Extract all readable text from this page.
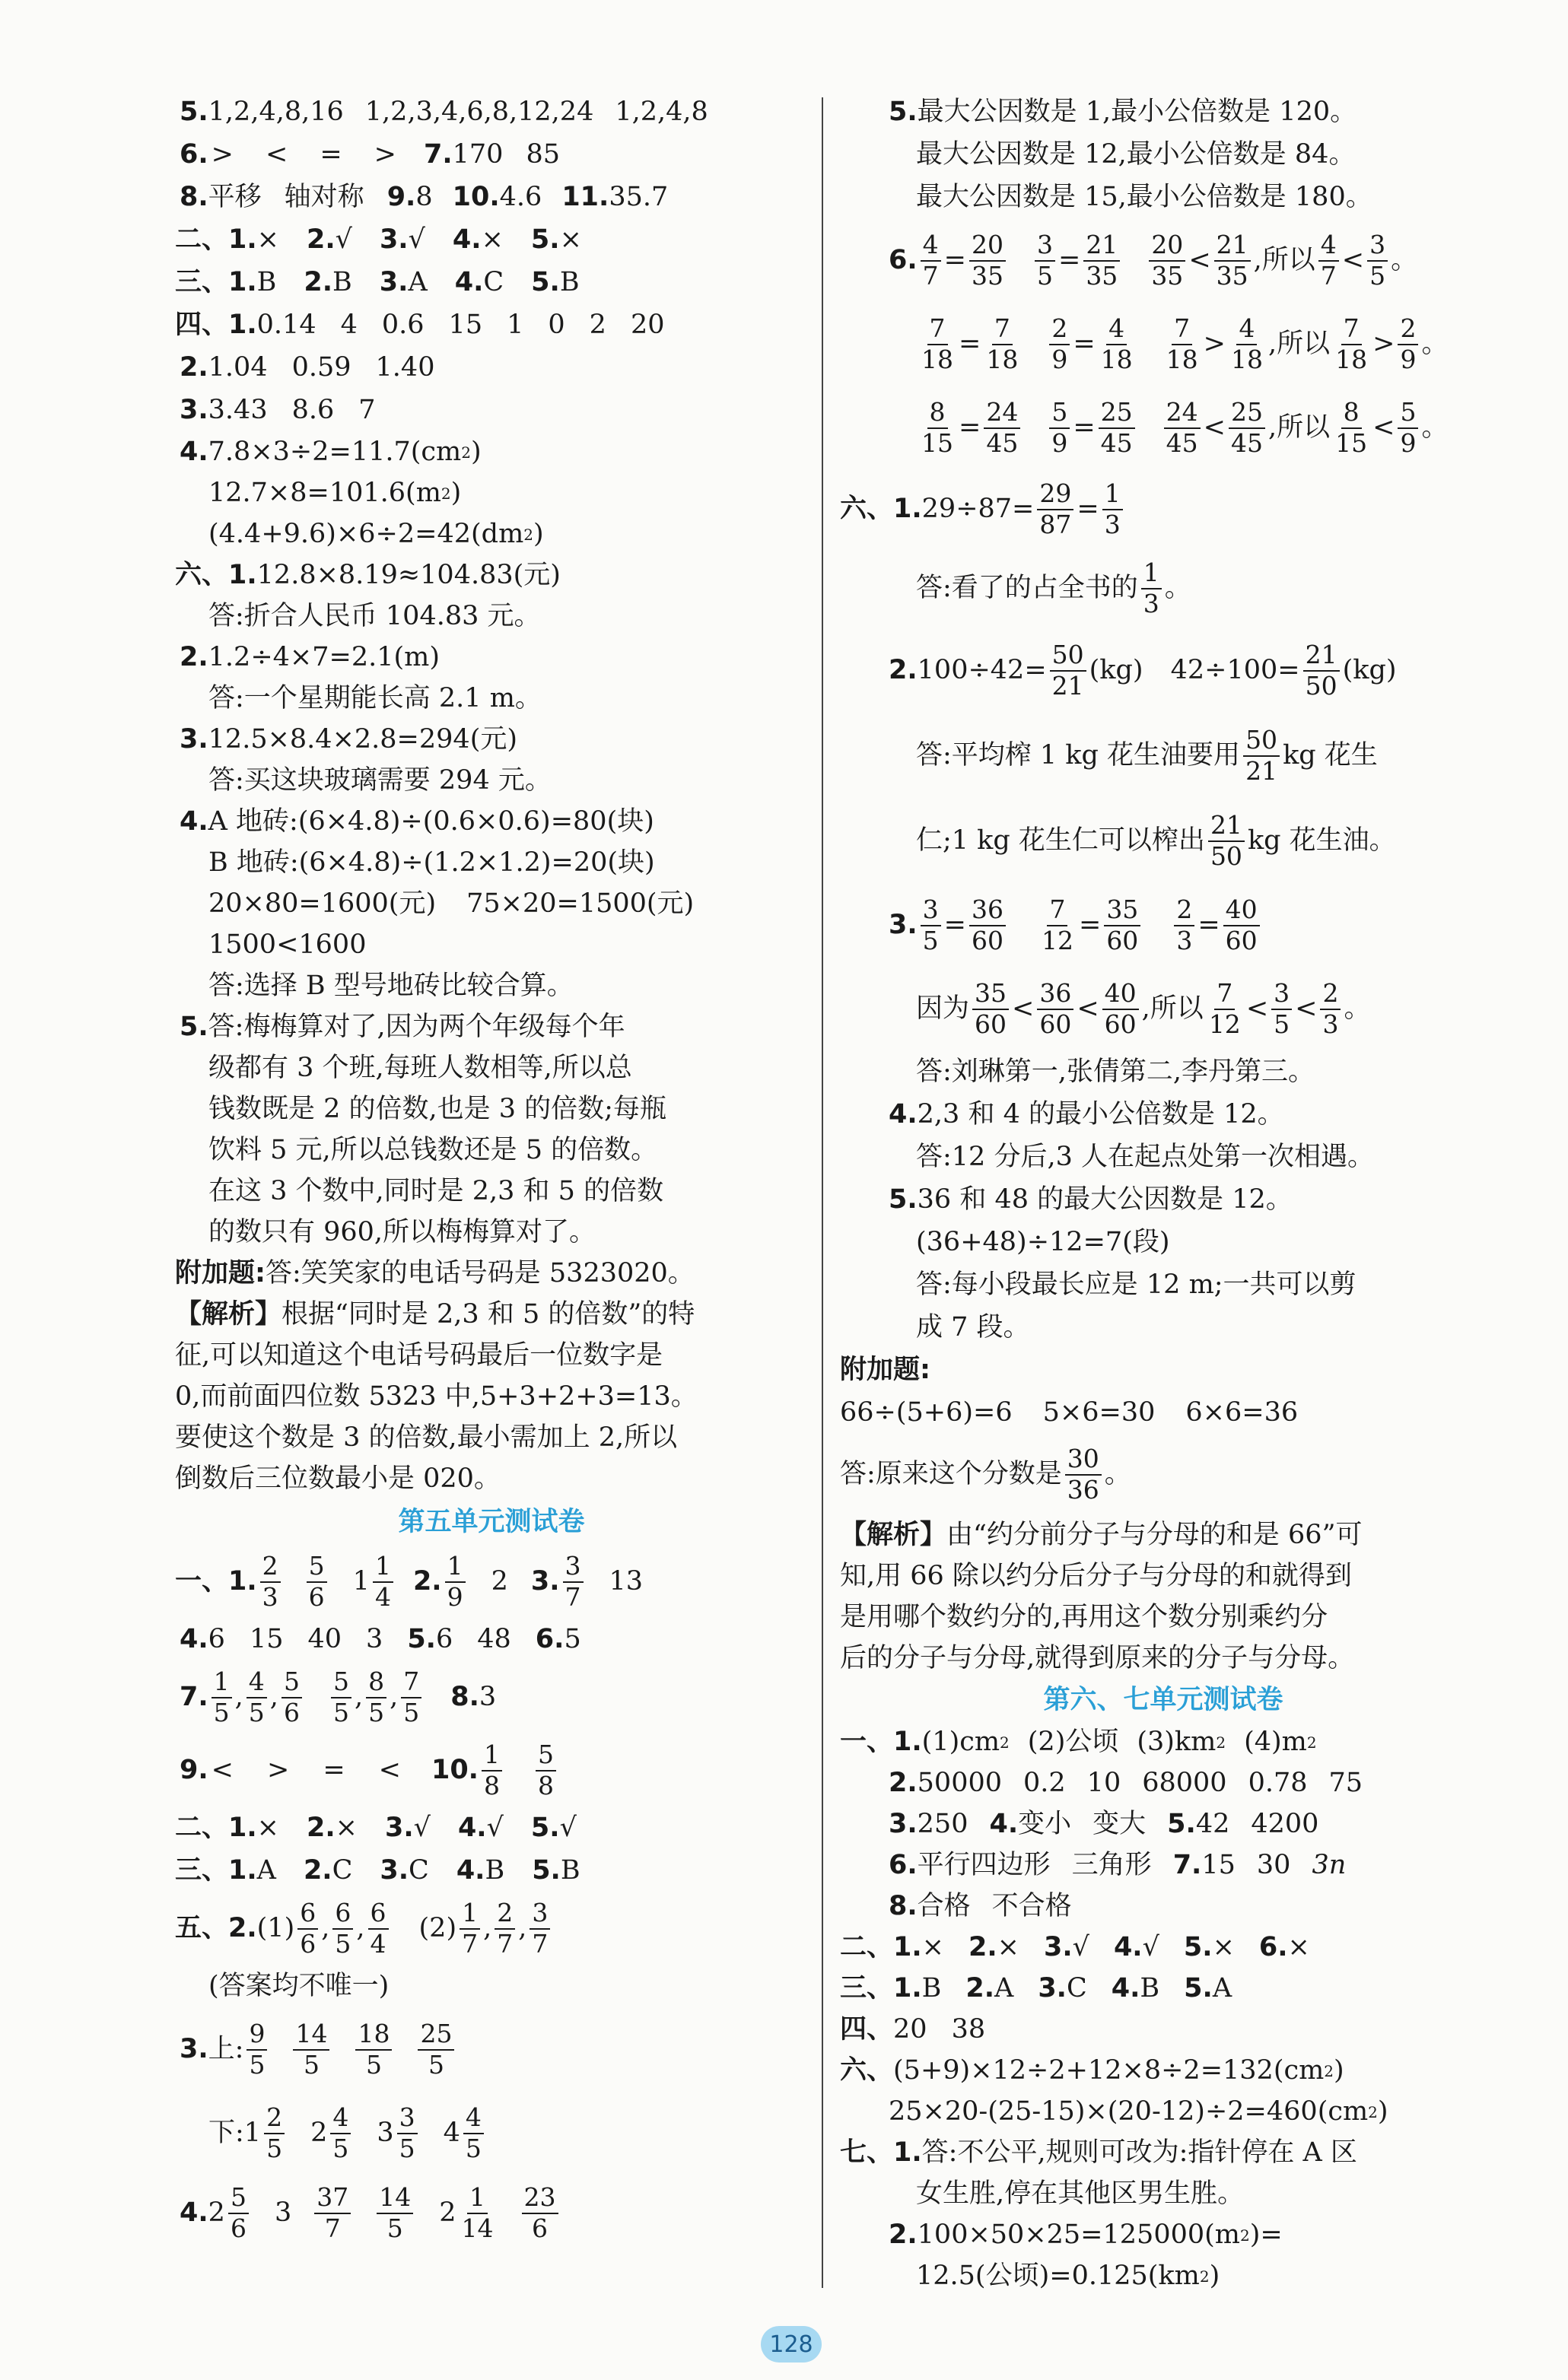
5. 1,2,4,8,16 1,2,3,4,6,8,12,24 1,2,4,8
6. > < = > 7. 170 85
8. 平移 轴对称 9. 8 10. 4.6 11. 35.7
二、1. × 2. √ 3. √ 4. × 5. ×
三、1. B 2. B 3. A 4. C 5. B
四、1. 0.14 4 0.6 15 1 0 2 20
2. 1.04 0.59 1.40
3. 3.43 8.6 7
4. 7.8×3÷2=11.7(cm 2 )
12.7×8=101.6(m 2 )
(4.4+9.6)×6÷2=42(dm 2 )
六、1. 12.8×8.19≈104.83(元)
答:折合人民币 104.83 元。
2. 1.2÷4×7=2.1(m)
答:一个星期能长高 2.1 m。
3. 12.5×8.4×2.8=294(元)
答:买这块玻璃需要 294 元。
4. A 地砖:(6×4.8)÷(0.6×0.6)=80(块)
B 地砖:(6×4.8)÷(1.2×1.2)=20(块)
20×80=1600(元) 75×20=1500(元)
1500<1600
答:选择 B 型号地砖比较合算。
5. 答:梅梅算对了,因为两个年级每个年
级都有 3 个班,每班人数相等,所以总
钱数既是 2 的倍数,也是 3 的倍数;每瓶
饮料 5 元,所以总钱数还是 5 的倍数。
在这 3 个数中,同时是 2,3 和 5 的倍数
的数只有 960,所以梅梅算对了。
附加题: 答:笑笑家的电话号码是 5323020。
【解析】 根据“同时是 2,3 和 5 的倍数”的特
征,可以知道这个电话号码最后一位数字是
0,而前面四位数 5323 中,5+3+2+3=13。
要使这个数是 3 的倍数,最小需加上 2,所以
倒数后三位数最小是 020。
第五单元测试卷
一、1. $\frac{2}{3} \frac{5}{6} 1 \frac{1}{4} 2$. $\frac{1}{9} 2$ 3. $\frac{3}{7} 13$
4. 6 15 40 3 5. 6 48 6. 5
7. $\frac{1}{5}$ , $\frac{4}{5}$ , $\frac{5}{6} \frac{5}{5}$ , $\frac{8}{5}$ , $\frac{7}{5} 8$. 3
9. < > = < 10. $\frac{1}{8} \frac{5}{8}$
二、1. × 2. × 3. √ 4. √ 5. √
三、1. A 2. C 3. C 4. B 5. B
五、2. $(1) \frac{6}{6}$ , $\frac{6}{5}$ , $\frac{6}{4} (2) \frac{1}{7}$ , $\frac{2}{7}$ , $\frac{3}{7}$
(答案均不唯一)
3. 上: $\frac{9}{5} \frac{14}{5} \frac{18}{5} \frac{25}{5}$
下: $1 \frac{2}{5} 2 \frac{4}{5} 3 \frac{3}{5} 4 \frac{4}{5}$
4. $2 \frac{5}{6} 3 \frac{37}{7} \frac{14}{5} 2 \frac{1}{14} \frac{23}{6}$
5. 最大公因数是 1,最小公倍数是 120。
最大公因数是 12,最小公倍数是 84。
最大公因数是 15,最小公倍数是 180。
6. $\frac{4}{7} = \frac{20}{35} \frac{3}{5} = \frac{21}{35} \frac{20}{35} < \frac{21}{35}$ ,所以 $\frac{4}{7} < \frac{3}{5}$ 。
$\frac{7}{18} = \frac{7}{18} \frac{2}{9} = \frac{4}{18} \frac{7}{18} > \frac{4}{18}$ ,所以 $\frac{7}{18} > \frac{2}{9}$ 。
$\frac{8}{15} = \frac{24}{45} \frac{5}{9} = \frac{25}{45} \frac{24}{45} < \frac{25}{45}$ ,所以 $\frac{8}{15} < \frac{5}{9}$ 。
六、1. $29\div 87= \frac{29}{87} = \frac{1}{3}$
答:看了的占全书的 $\frac{1}{3}$ 。
2. $100\div 42= \frac{50}{21} (kg)$ $42\div 100= \frac{21}{50} (kg)$
答:平均榨 1 kg 花生油要用 $\frac{50}{21}$ kg 花生
仁;1 kg 花生仁可以榨出 $\frac{21}{50}$ kg 花生油。
3. $\frac{3}{5} = \frac{36}{60} \frac{7}{12} = \frac{35}{60} \frac{2}{3} = \frac{40}{60}$
因为 $\frac{35}{60} < \frac{36}{60} < \frac{40}{60}$ ,所以 $\frac{7}{12} < \frac{3}{5} < \frac{2}{3}$ 。
答:刘琳第一,张倩第二,李丹第三。
4. 2,3 和 4 的最小公倍数是 12。
答:12 分后,3 人在起点处第一次相遇。
5. 36 和 48 的最大公因数是 12。
(36+48)÷12=7(段)
答:每小段最长应是 12 m;一共可以剪
成 7 段。
附加题:
66÷(5+6)=6 5×6=30 6×6=36
答:原来这个分数是 $\frac{30}{36}$ 。
【解析】 由“约分前分子与分母的和是 66”可
知,用 66 除以约分后分子与分母的和就得到
是用哪个数约分的,再用这个数分别乘约分
后的分子与分母,就得到原来的分子与分母。
第六、七单元测试卷
一、1. (1)cm 2 (2)公顷 (3)km 2 (4)m 2
2. 50000 0.2 10 68000 0.78 75
3. 250 4. 变小 变大 5. 42 4200
6. 平行四边形 三角形 7. 15 30 3n
8. 合格 不合格
二、1. × 2. × 3. √ 4. √ 5. × 6. ×
三、1. B 2. A 3. C 4. B 5. A
四、 20 38
六、 (5+9)×12÷2+12×8÷2=132(cm 2 )
25×20-(25-15)×(20-12)÷2=460(cm 2 )
七、1. 答:不公平,规则可改为:指针停在 A 区
女生胜,停在其他区男生胜。
2. 100×50×25=125000(m 2 )=
12.5(公顷)=0.125(km 2 )
128
